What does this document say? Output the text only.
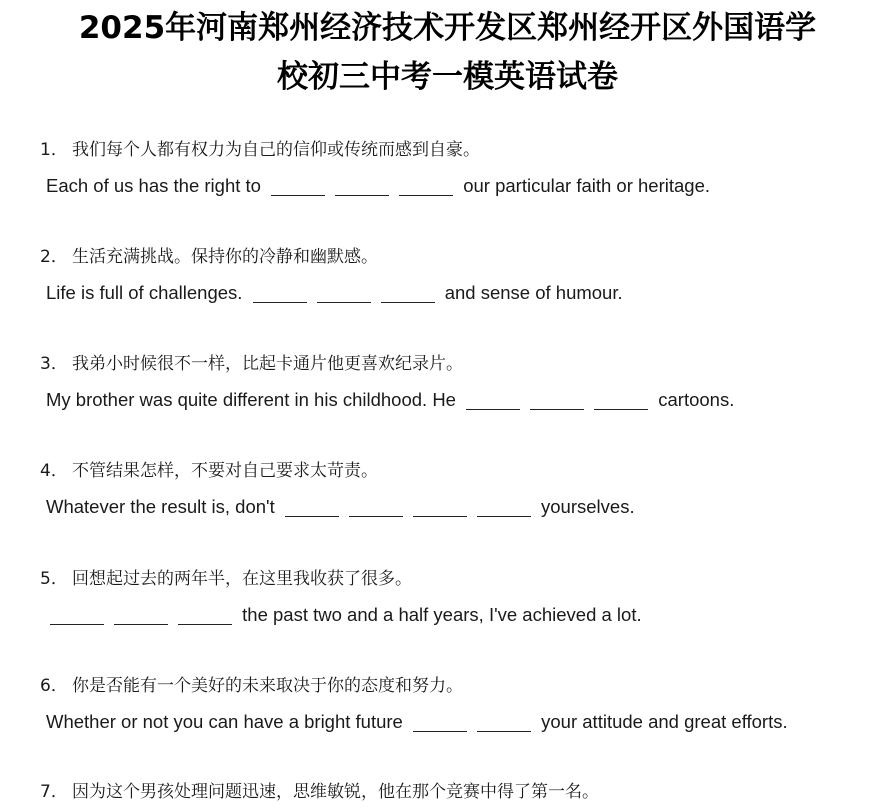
2025年河南郑州经济技术开发区郑州经开区外国语学
校初三中考一模英语试卷
1． 我们每个人都有权力为自己的信仰或传统而感到自豪。
Each of us has the right to	our particular faith or heritage.
2． 生活充满挑战。保持你的冷静和幽默感。
Life is full of challenges.	and sense of humour.
3． 我弟小时候很不一样，比起卡通片他更喜欢纪录片。
My brother was quite different in his childhood. He	cartoons.
4． 不管结果怎样，不要对自己要求太苛责。
Whatever the result is, don't	yourselves.
5． 回想起过去的两年半，在这里我收获了很多。
the past two and a half years, I've achieved a lot.
6． 你是否能有一个美好的未来取决于你的态度和努力。
Whether or not you can have a bright future	your attitude and great efforts.
7． 因为这个男孩处理问题迅速，思维敏锐，他在那个竞赛中得了第一名。
